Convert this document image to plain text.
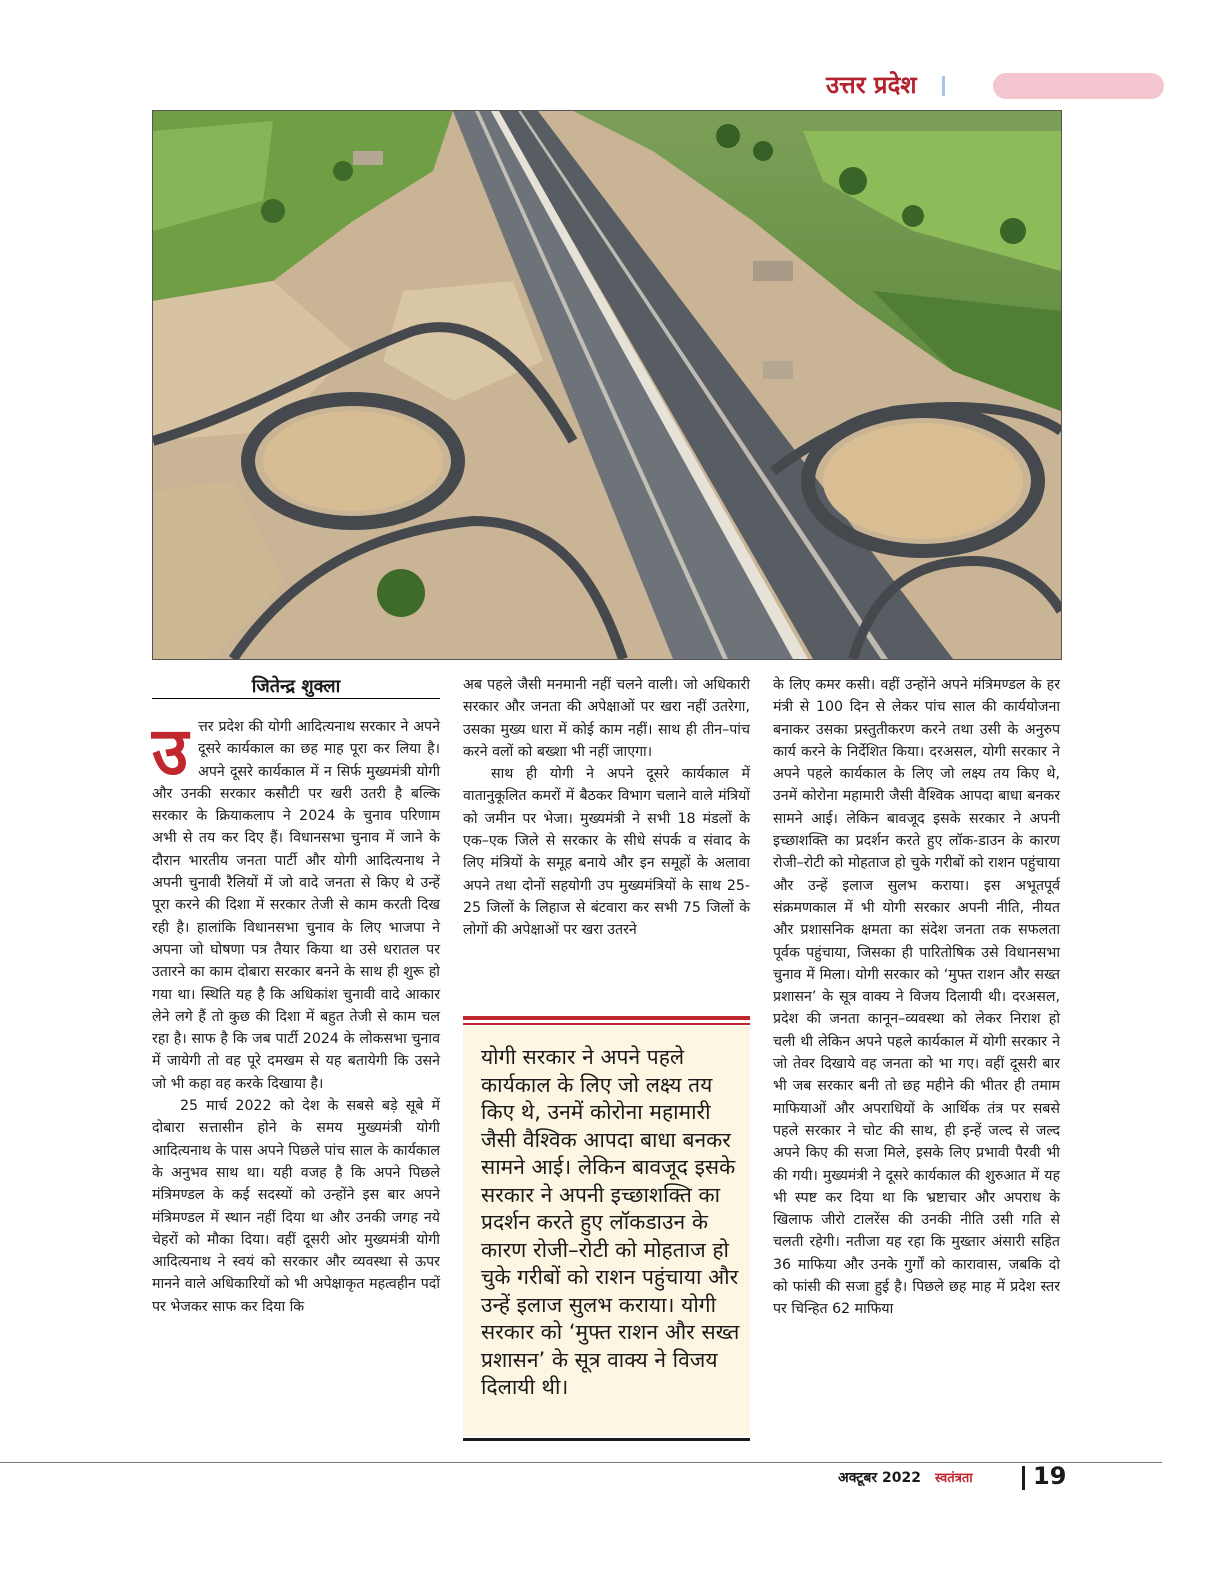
उत्तर प्रदेश
जितेन्द्र शुक्ला
उ त्तर प्रदेश की योगी आदित्यनाथ सरकार ने अपने दूसरे कार्यकाल का छह माह पूरा कर लिया है। अपने दूसरे कार्यकाल में न सिर्फ मुख्यमंत्री योगी और उनकी सरकार कसौटी पर खरी उतरी है बल्कि सरकार के क्रियाकलाप ने 2024 के चुनाव परिणाम अभी से तय कर दिए हैं। विधानसभा चुनाव में जाने के दौरान भारतीय जनता पार्टी और योगी आदित्यनाथ ने अपनी चुनावी रैलियों में जो वादे जनता से किए थे उन्हें पूरा करने की दिशा में सरकार तेजी से काम करती दिख रही है। हालांकि विधानसभा चुनाव के लिए भाजपा ने अपना जो घोषणा पत्र तैयार किया था उसे धरातल पर उतारने का काम दोबारा सरकार बनने के साथ ही शुरू हो गया था। स्थिति यह है कि अधिकांश चुनावी वादे आकार लेने लगे हैं तो कुछ की दिशा में बहुत तेजी से काम चल रहा है। साफ है कि जब पार्टी 2024 के लोकसभा चुनाव में जायेगी तो वह पूरे दमखम से यह बतायेगी कि उसने जो भी कहा वह करके दिखाया है।

25 मार्च 2022 को देश के सबसे बड़े सूबे में दोबारा सत्तासीन होने के समय मुख्यमंत्री योगी आदित्यनाथ के पास अपने पिछले पांच साल के कार्यकाल के अनुभव साथ था। यही वजह है कि अपने पिछले मंत्रिमण्डल के कई सदस्यों को उन्होंने इस बार अपने मंत्रिमण्डल में स्थान नहीं दिया था और उनकी जगह नये चेहरों को मौका दिया। वहीं दूसरी ओर मुख्यमंत्री योगी आदित्यनाथ ने स्वयं को सरकार और व्यवस्था से ऊपर मानने वाले अधिकारियों को भी अपेक्षाकृत महत्वहीन पदों पर भेजकर साफ कर दिया कि

अब पहले जैसी मनमानी नहीं चलने वाली। जो अधिकारी सरकार और जनता की अपेक्षाओं पर खरा नहीं उतरेगा, उसका मुख्य धारा में कोई काम नहीं। साथ ही तीन–पांच करने वलों को बख्शा भी नहीं जाएगा।

साथ ही योगी ने अपने दूसरे कार्यकाल में वातानुकूलित कमरों में बैठकर विभाग चलाने वाले मंत्रियों को जमीन पर भेजा। मुख्यमंत्री ने सभी 18 मंडलों के एक–एक जिले से सरकार के सीधे संपर्क व संवाद के लिए मंत्रियों के समूह बनाये और इन समूहों के अलावा अपने तथा दोनों सहयोगी उप मुख्यमंत्रियों के साथ 25-25 जिलों के लिहाज से बंटवारा कर सभी 75 जिलों के लोगों की अपेक्षाओं पर खरा उतरने

योगी सरकार ने अपने पहले कार्यकाल के लिए जो लक्ष्य तय किए थे, उनमें कोरोना महामारी जैसी वैश्विक आपदा बाधा बनकर सामने आई। लेकिन बावजूद इसके सरकार ने अपनी इच्छाशक्ति का प्रदर्शन करते हुए लॉकडाउन के कारण रोजी–रोटी को मोहताज हो चुके गरीबों को राशन पहुंचाया और उन्हें इलाज सुलभ कराया। योगी सरकार को ‘मुफ्त राशन और सख्त प्रशासन’ के सूत्र वाक्य ने विजय दिलायी थी।

के लिए कमर कसी। वहीं उन्होंने अपने मंत्रिमण्डल के हर मंत्री से 100 दिन से लेकर पांच साल की कार्ययोजना बनाकर उसका प्रस्तुतीकरण करने तथा उसी के अनुरुप कार्य करने के निर्देशित किया। दरअसल, योगी सरकार ने अपने पहले कार्यकाल के लिए जो लक्ष्य तय किए थे, उनमें कोरोना महामारी जैसी वैश्विक आपदा बाधा बनकर सामने आई। लेकिन बावजूद इसके सरकार ने अपनी इच्छाशक्ति का प्रदर्शन करते हुए लॉक-डाउन के कारण रोजी–रोटी को मोहताज हो चुके गरीबों को राशन पहुंचाया और उन्हें इलाज सुलभ कराया। इस अभूतपूर्व संक्रमणकाल में भी योगी सरकार अपनी नीति, नीयत और प्रशासनिक क्षमता का संदेश जनता तक सफलता पूर्वक पहुंचाया, जिसका ही पारितोषिक उसे विधानसभा चुनाव में मिला। योगी सरकार को ‘मुफ्त राशन और सख्त प्रशासन’ के सूत्र वाक्य ने विजय दिलायी थी। दरअसल, प्रदेश की जनता कानून–व्यवस्था को लेकर निराश हो चली थी लेकिन अपने पहले कार्यकाल में योगी सरकार ने जो तेवर दिखाये वह जनता को भा गए। वहीं दूसरी बार भी जब सरकार बनी तो छह महीने की भीतर ही तमाम माफियाओं और अपराधियों के आर्थिक तंत्र पर सबसे पहले सरकार ने चोट की साथ, ही इन्हें जल्द से जल्द अपने किए की सजा मिले, इसके लिए प्रभावी पैरवी भी की गयी। मुख्यमंत्री ने दूसरे कार्यकाल की शुरुआत में यह भी स्पष्ट कर दिया था कि भ्रष्टाचार और अपराध के खिलाफ जीरो टालरेंस की उनकी नीति उसी गति से चलती रहेगी। नतीजा यह रहा कि मुख्तार अंसारी सहित 36 माफिया और उनके गुर्गों को कारावास, जबकि दो को फांसी की सजा हुई है। पिछले छह माह में प्रदेश स्तर पर चिन्हित 62 माफिया

अक्टूबर 2022 स्वतंत्रता	19
